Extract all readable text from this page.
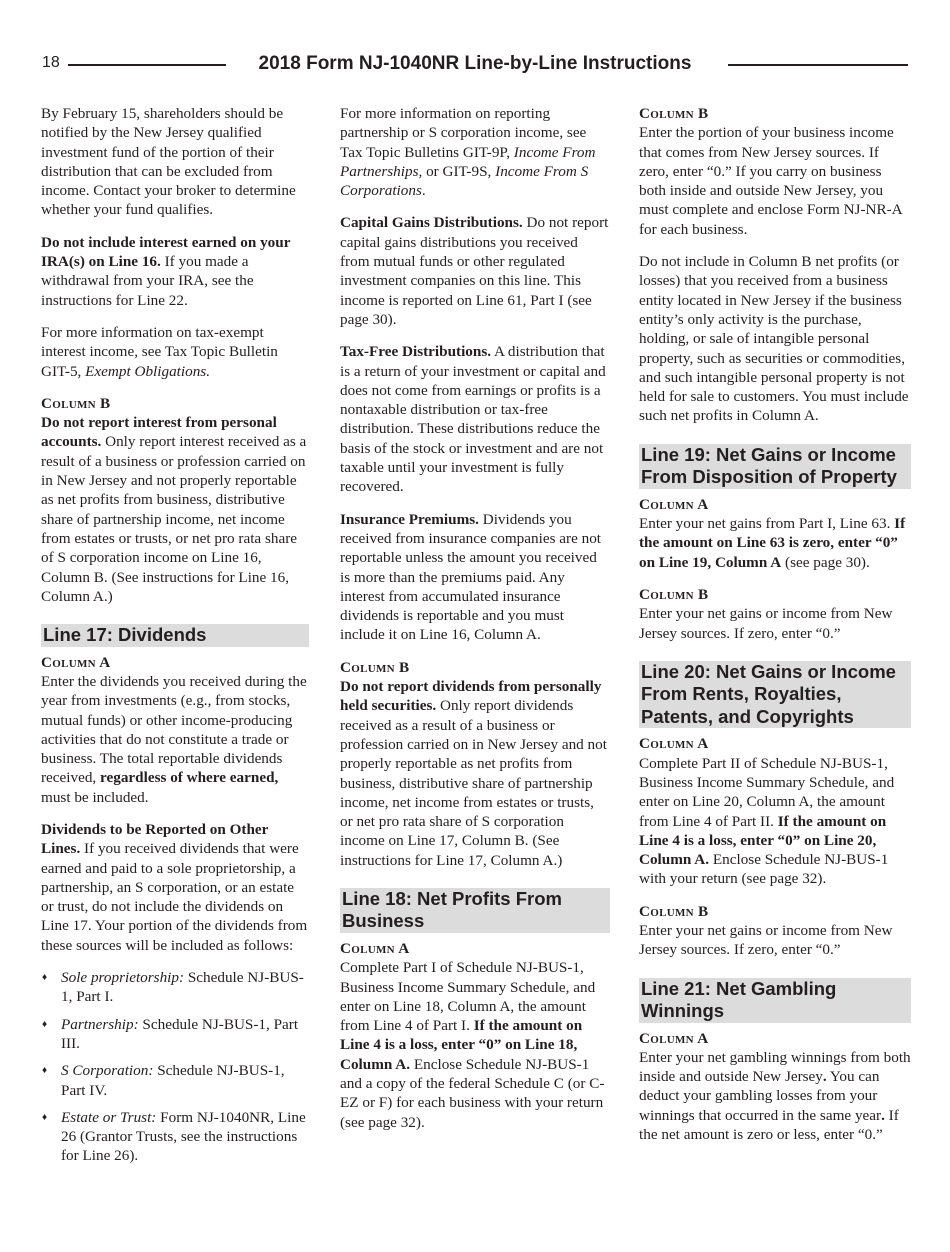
18	2018 Form NJ-1040NR Line-by-Line Instructions

By February 15, shareholders should be notified by the New Jersey qualified investment fund of the portion of their distribution that can be excluded from income. Contact your broker to determine whether your fund qualifies.

Do not include interest earned on your IRA(s) on Line 16. If you made a withdrawal from your IRA, see the instructions for Line 22.

For more information on tax-exempt interest income, see Tax Topic Bulletin GIT-5, Exempt Obligations.

Column B

Do not report interest from personal accounts. Only report interest received as a result of a business or profession carried on in New Jersey and not properly reportable as net profits from business, distributive share of partnership income, net income from estates or trusts, or net pro rata share of S corporation income on Line 16, Column B. (See instructions for Line 16, Column A.)

Line 17: Dividends
Column A

Enter the dividends you received during the year from investments (e.g., from stocks, mutual funds) or other income-producing activities that do not constitute a trade or business. The total reportable dividends received, regardless of where earned, must be included.

Dividends to be Reported on Other Lines. If you received dividends that were earned and paid to a sole proprietorship, a partnership, an S corporation, or an estate or trust, do not include the dividends on Line 17. Your portion of the dividends from these sources will be included as follows:

♦ Sole proprietorship: Schedule NJ-BUS-1, Part I.
♦ Partnership: Schedule NJ-BUS-1, Part III.
♦ S Corporation: Schedule NJ-BUS-1, Part IV.
♦ Estate or Trust: Form NJ-1040NR, Line 26 (Grantor Trusts, see the instructions for Line 26).

For more information on reporting partnership or S corporation income, see Tax Topic Bulletins GIT-9P, Income From Partnerships, or GIT-9S, Income From S Corporations.

Capital Gains Distributions. Do not report capital gains distributions you received from mutual funds or other regulated investment companies on this line. This income is reported on Line 61, Part I (see page 30).

Tax-Free Distributions. A distribution that is a return of your investment or capital and does not come from earnings or profits is a nontaxable distribution or tax-free distribution. These distributions reduce the basis of the stock or investment and are not taxable until your investment is fully recovered.

Insurance Premiums. Dividends you received from insurance companies are not reportable unless the amount you received is more than the premiums paid. Any interest from accumulated insurance dividends is reportable and you must include it on Line 16, Column A.

Column B

Do not report dividends from personally held securities. Only report dividends received as a result of a business or profession carried on in New Jersey and not properly reportable as net profits from business, distributive share of partnership income, net income from estates or trusts, or net pro rata share of S corporation income on Line 17, Column B. (See instructions for Line 17, Column A.)

Line 18: Net Profits From Business
Column A

Complete Part I of Schedule NJ-BUS-1, Business Income Summary Schedule, and enter on Line 18, Column A, the amount from Line 4 of Part I. If the amount on Line 4 is a loss, enter “0” on Line 18, Column A. Enclose Schedule NJ-BUS-1 and a copy of the federal Schedule C (or C-EZ or F) for each business with your return (see page 32).

Column B

Enter the portion of your business income that comes from New Jersey sources. If zero, enter “0.” If you carry on business both inside and outside New Jersey, you must complete and enclose Form NJ-NR-A for each business.

Do not include in Column B net profits (or losses) that you received from a business entity located in New Jersey if the business entity’s only activity is the purchase, holding, or sale of intangible personal property, such as securities or commodities, and such intangible personal property is not held for sale to customers. You must include such net profits in Column A.

Line 19: Net Gains or Income From Disposition of Property
Column A

Enter your net gains from Part I, Line 63. If the amount on Line 63 is zero, enter “0” on Line 19, Column A (see page 30).

Column B

Enter your net gains or income from New Jersey sources. If zero, enter “0.”

Line 20: Net Gains or Income From Rents, Royalties, Patents, and Copyrights
Column A

Complete Part II of Schedule NJ-BUS-1, Business Income Summary Schedule, and enter on Line 20, Column A, the amount from Line 4 of Part II. If the amount on Line 4 is a loss, enter “0” on Line 20, Column A. Enclose Schedule NJ-BUS-1 with your return (see page 32).

Column B

Enter your net gains or income from New Jersey sources. If zero, enter “0.”

Line 21: Net Gambling Winnings
Column A

Enter your net gambling winnings from both inside and outside New Jersey. You can deduct your gambling losses from your winnings that occurred in the same year. If the net amount is zero or less, enter “0.”
